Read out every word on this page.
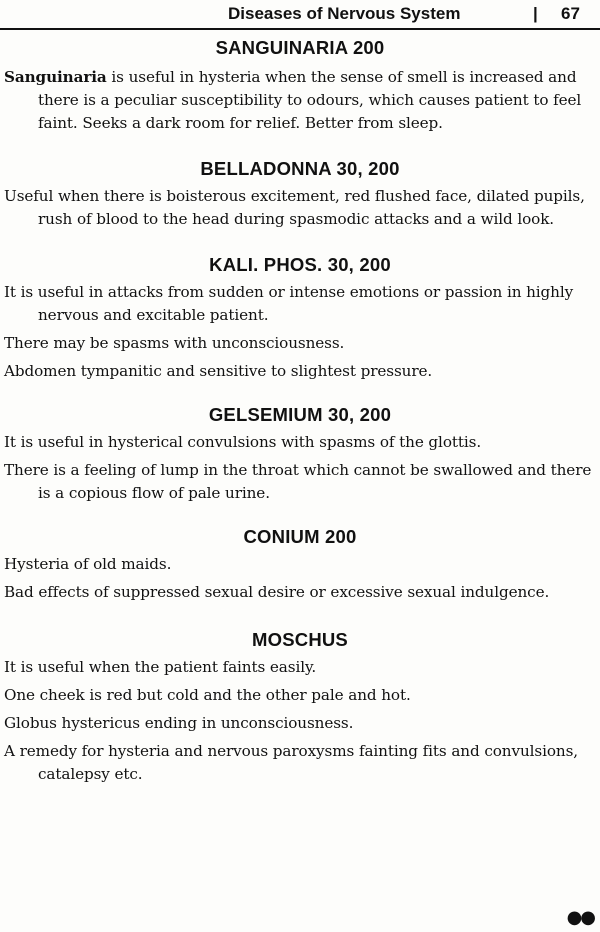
Diseases of Nervous System	| 67
SANGUINARIA 200

Sanguinaria is useful in hysteria when the sense of smell is increased and there is a peculiar susceptibility to odours, which causes patient to feel faint. Seeks a dark room for relief. Better from sleep.

BELLADONNA 30, 200

Useful when there is boisterous excitement, red flushed face, dilated pupils, rush of blood to the head during spasmodic attacks and a wild look.

KALI. PHOS. 30, 200

It is useful in attacks from sudden or intense emotions or passion in highly nervous and excitable patient.

There may be spasms with unconsciousness.

Abdomen tympanitic and sensitive to slightest pressure.

GELSEMIUM 30, 200

It is useful in hysterical convulsions with spasms of the glottis.

There is a feeling of lump in the throat which cannot be swallowed and there is a copious flow of pale urine.

CONIUM 200

Hysteria of old maids.

Bad effects of suppressed sexual desire or excessive sexual indulgence.

MOSCHUS

It is useful when the patient faints easily.

One cheek is red but cold and the other pale and hot.

Globus hystericus ending in unconsciousness.

A remedy for hysteria and nervous paroxysms fainting fits and convulsions, catalepsy etc.

●●
